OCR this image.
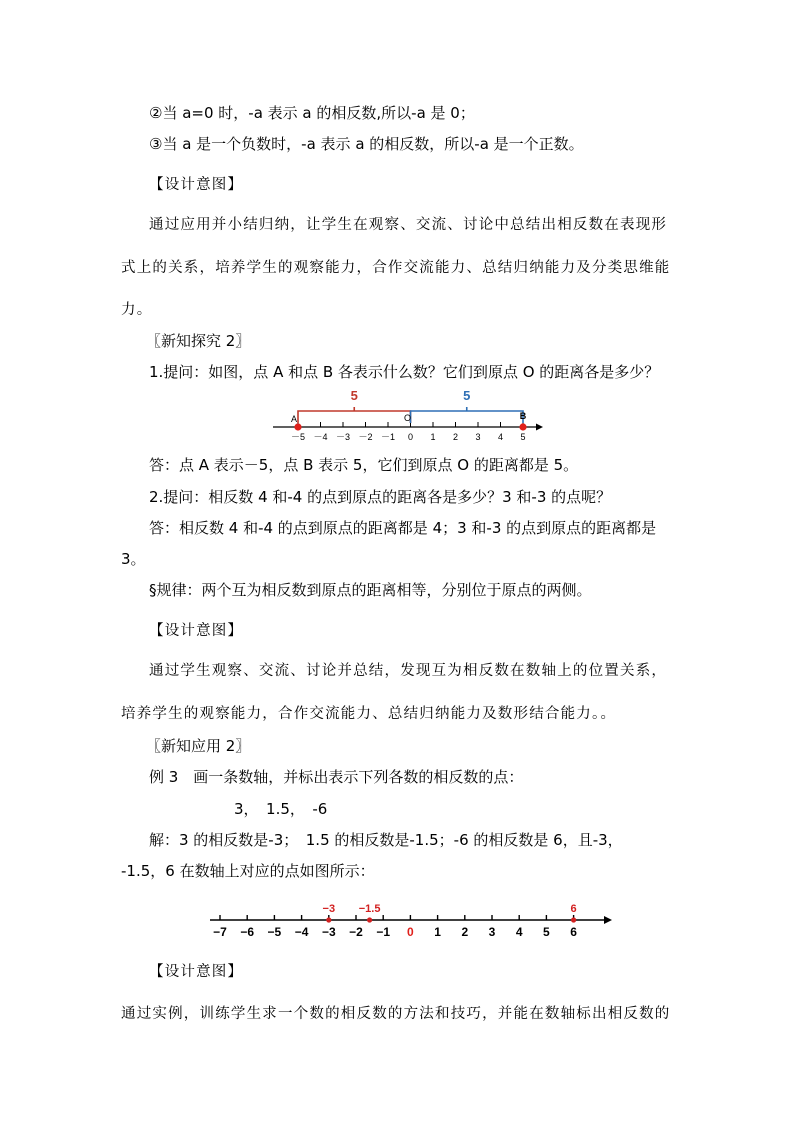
②当 a=0 时，-a 表示 a 的相反数,所以-a 是 0；
③当 a 是一个负数时，-a 表示 a 的相反数，所以-a 是一个正数。
【设计意图】
通过应用并小结归纳，让学生在观察、交流、讨论中总结出相反数在表现形
式上的关系，培养学生的观察能力，合作交流能力、总结归纳能力及分类思维能
力。
〖新知探究 2〗
1.提问：如图，点 A 和点 B 各表示什么数？它们到原点 O 的距离各是多少？
－5 －4 －3 －2 －1 0 1 2 3 4 5
5	5
A	B
O
答：点 A 表示－5，点 B 表示 5，它们到原点 O 的距离都是 5。
2.提问：相反数 4 和-4 的点到原点的距离各是多少？3 和-3 的点呢？
答：相反数 4 和-4 的点到原点的距离都是 4；3 和-3 的点到原点的距离都是
3。
§规律：两个互为相反数到原点的距离相等，分别位于原点的两侧。
【设计意图】
通过学生观察、交流、讨论并总结，发现互为相反数在数轴上的位置关系，
培养学生的观察能力，合作交流能力、总结归纳能力及数形结合能力。。
〖新知应用 2〗
例 3　画一条数轴，并标出表示下列各数的相反数的点：
3，　1.5，　-6
解：3 的相反数是-3；　1.5 的相反数是-1.5；-6 的相反数是 6，且-3，
-1.5，6 在数轴上对应的点如图所示：
−7 −6 −5 −4 −3 −2 −1 0 1 2 3 4 5 6
−3 −1.5	6
【设计意图】
通过实例，训练学生求一个数的相反数的方法和技巧，并能在数轴标出相反数的
